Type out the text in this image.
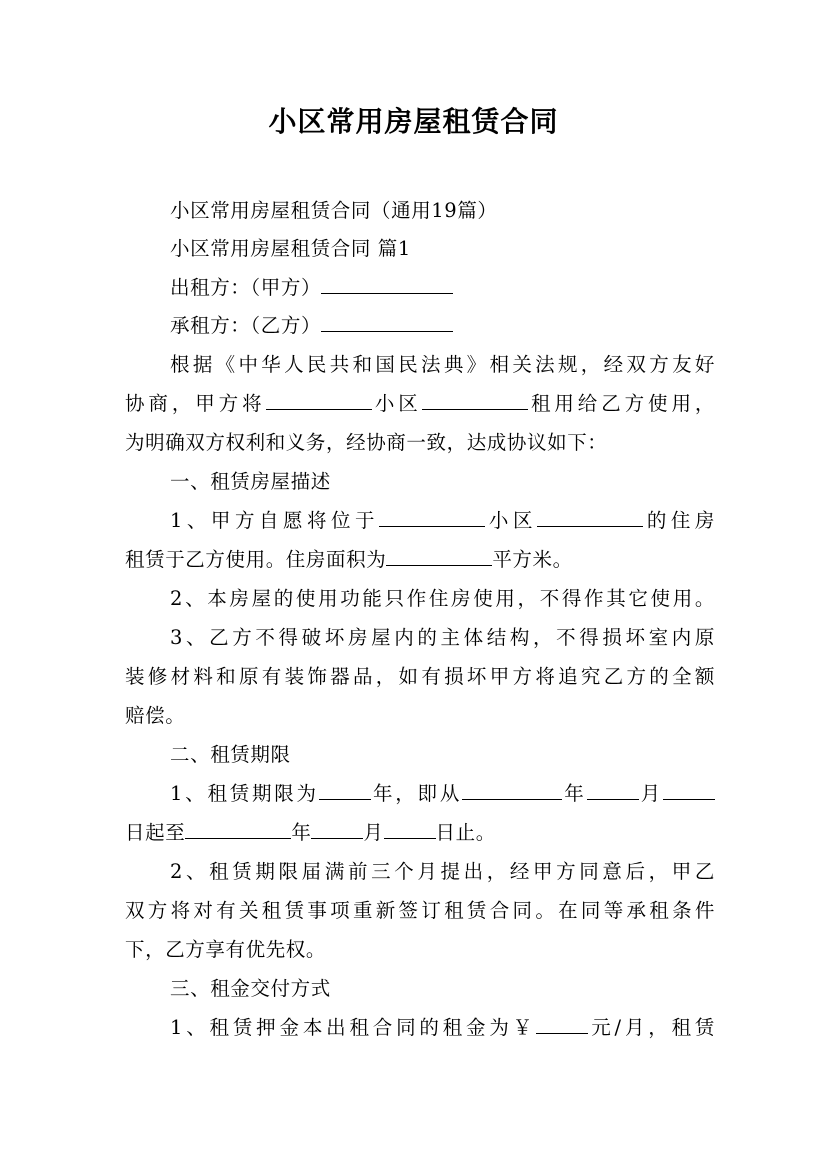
小区常用房屋租赁合同
小区常用房屋租赁合同（通用19篇）
小区常用房屋租赁合同 篇1
出租方：（甲方）
承租方：（乙方）
根据《中华人民共和国民法典》相关法规，经双方友好
协商，甲方将	小区	租用给乙方使用，
为明确双方权利和义务，经协商一致，达成协议如下：
一、租赁房屋描述
1、甲方自愿将位于	小区	的住房
租赁于乙方使用。住房面积为	平方米。
2、本房屋的使用功能只作住房使用，不得作其它使用。
3、乙方不得破坏房屋内的主体结构，不得损坏室内原
装修材料和原有装饰器品，如有损坏甲方将追究乙方的全额
赔偿。
二、租赁期限
1、租赁期限为	年，即从	年	月
日起至	年	月	日止。
2、租赁期限届满前三个月提出，经甲方同意后，甲乙
双方将对有关租赁事项重新签订租赁合同。在同等承租条件
下，乙方享有优先权。
三、租金交付方式
1、租赁押金本出租合同的租金为￥	元/月，租赁
